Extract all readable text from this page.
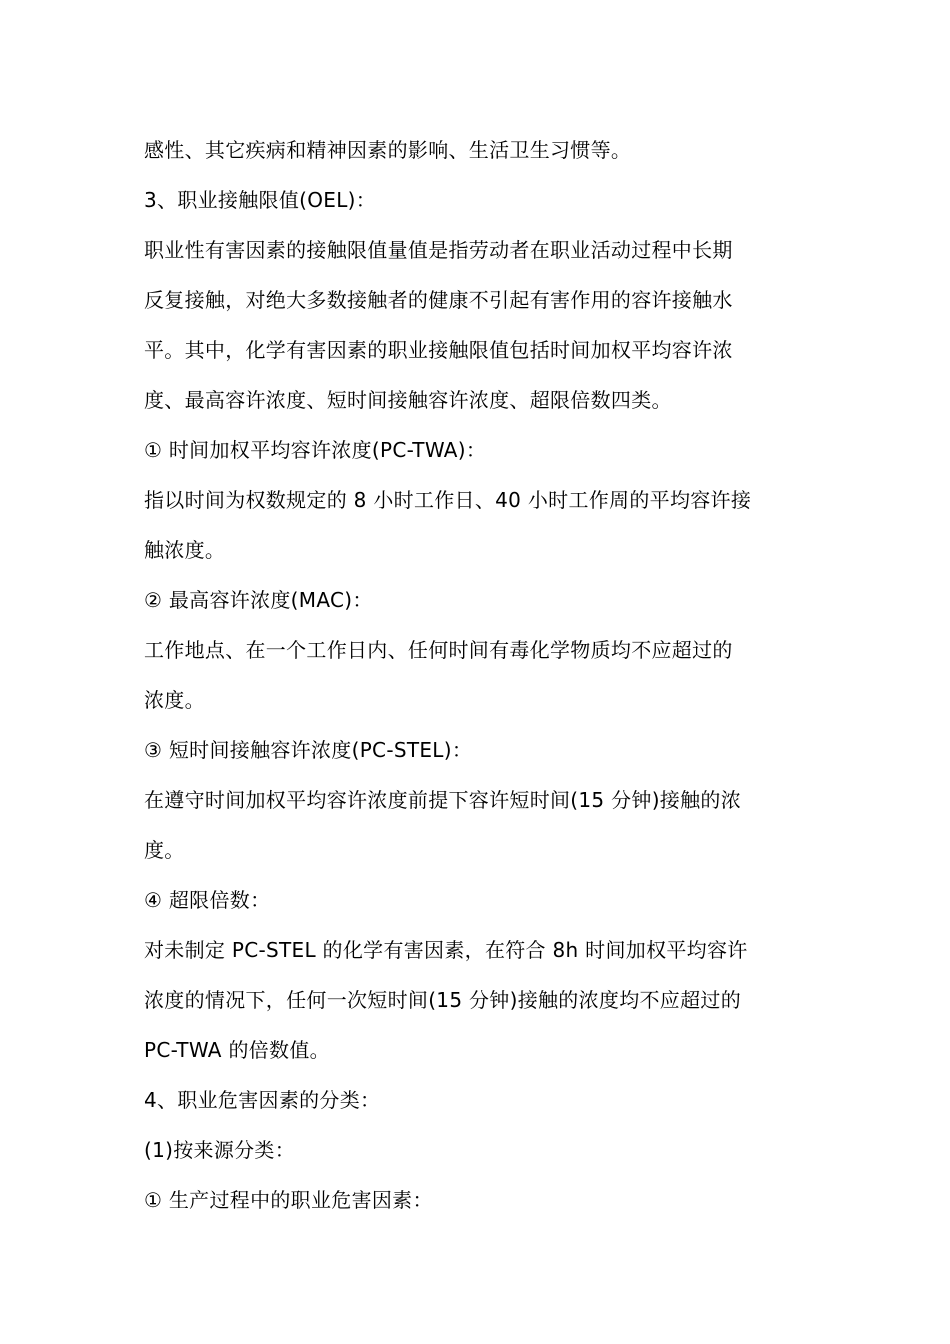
感性、其它疾病和精神因素的影响、生活卫生习惯等。
3、职业接触限值(OEL)：
职业性有害因素的接触限值量值是指劳动者在职业活动过程中长期
反复接触，对绝大多数接触者的健康不引起有害作用的容许接触水
平。其中，化学有害因素的职业接触限值包括时间加权平均容许浓
度、最高容许浓度、短时间接触容许浓度、超限倍数四类。
① 时间加权平均容许浓度(PC-TWA)：
指以时间为权数规定的 8 小时工作日、40 小时工作周的平均容许接
触浓度。
② 最高容许浓度(MAC)：
工作地点、在一个工作日内、任何时间有毒化学物质均不应超过的
浓度。
③ 短时间接触容许浓度(PC-STEL)：
在遵守时间加权平均容许浓度前提下容许短时间(15 分钟)接触的浓
度。
④ 超限倍数：
对未制定 PC-STEL 的化学有害因素，在符合 8h 时间加权平均容许
浓度的情况下，任何一次短时间(15 分钟)接触的浓度均不应超过的
PC-TWA 的倍数值。
4、职业危害因素的分类：
(1)按来源分类：
① 生产过程中的职业危害因素：
